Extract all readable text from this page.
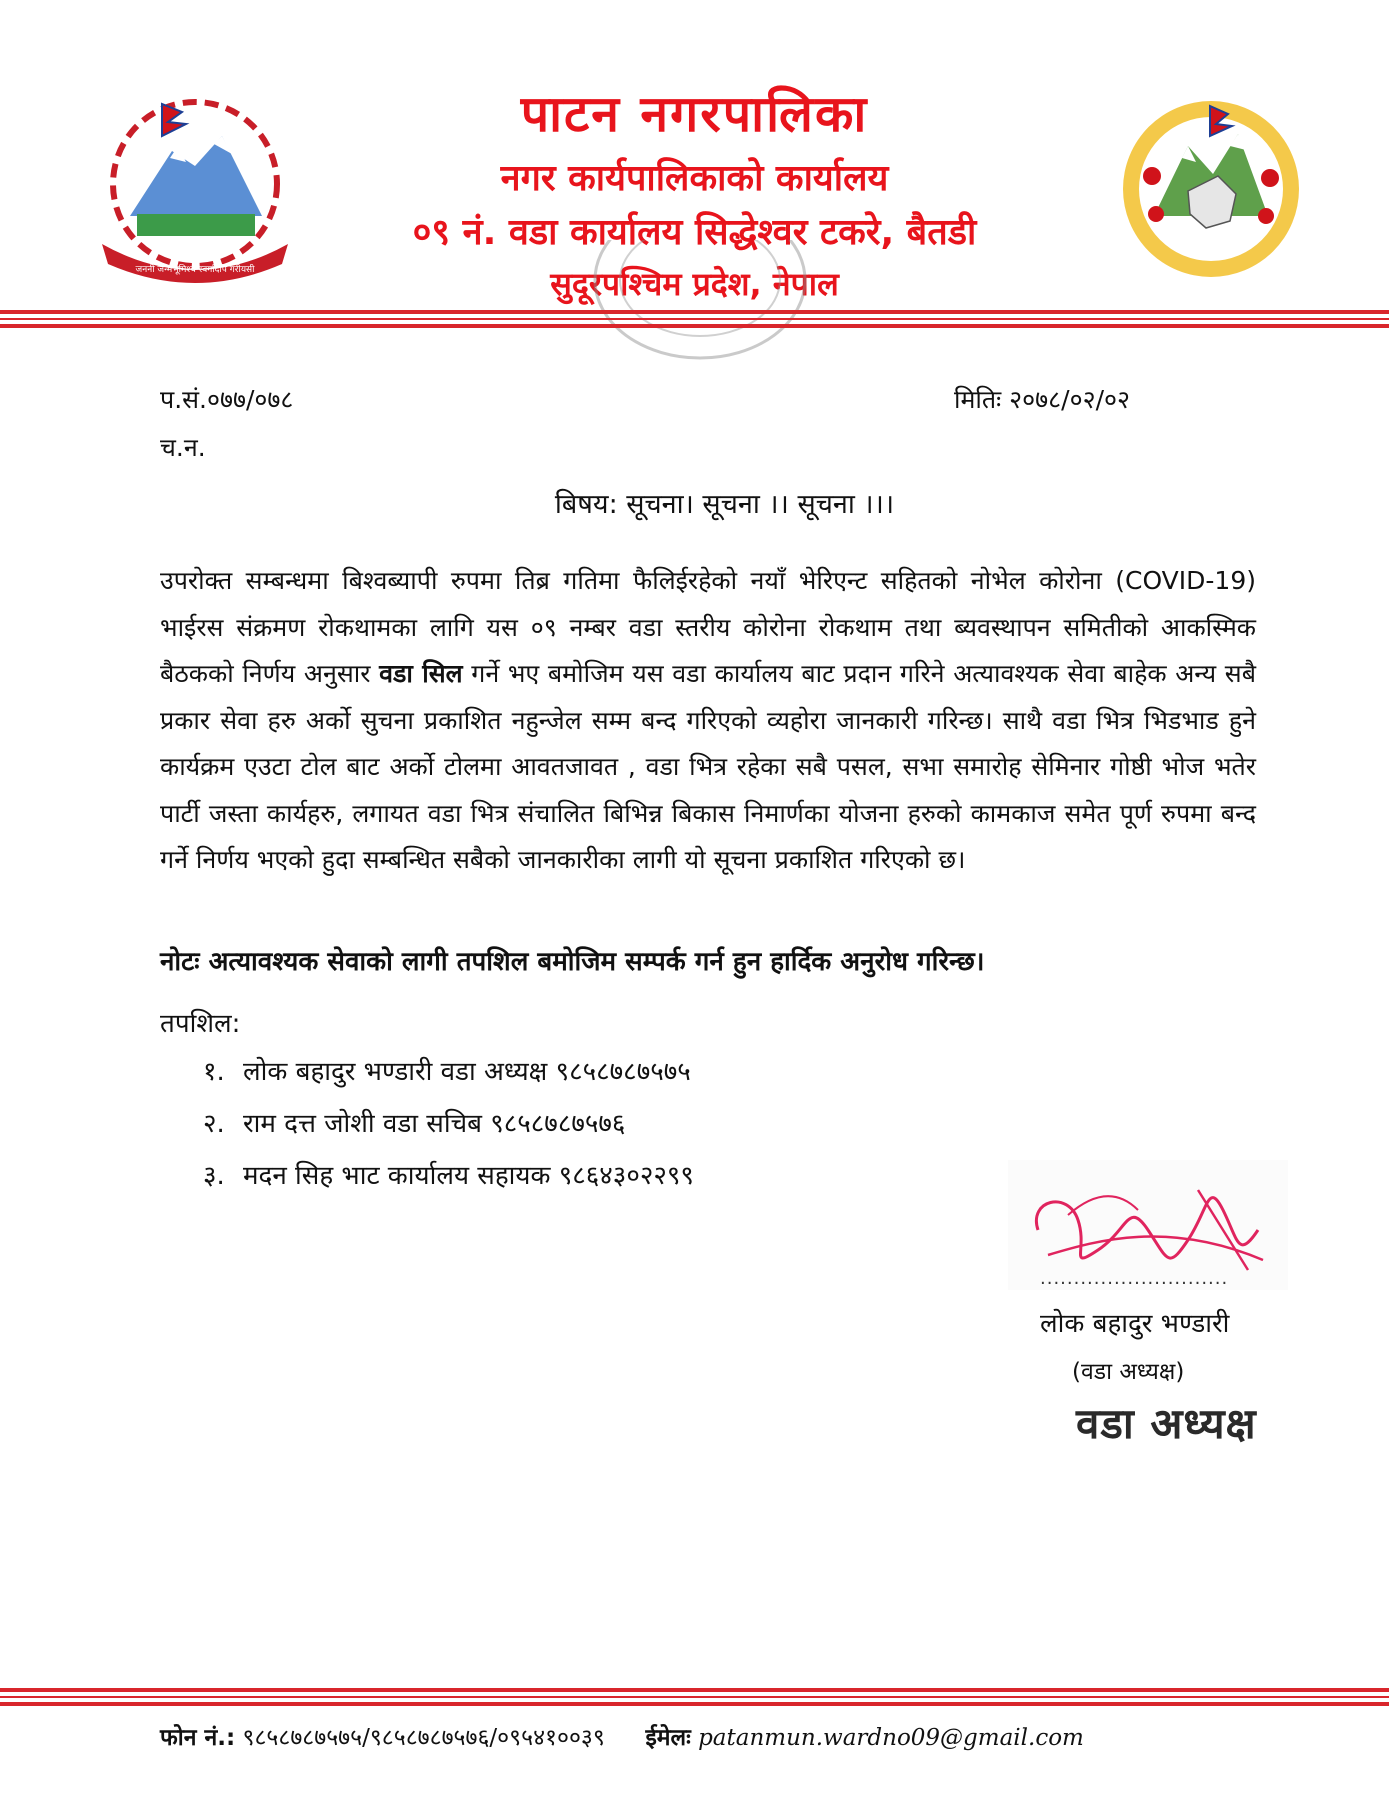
जननी जन्मभूमिश्च स्वर्गादपि गरीयसी
पाटन नगरपालिका
नगर कार्यपालिकाको कार्यालय
०९ नं. वडा कार्यालय सिद्धेश्वर टकरे, बैतडी
सुदूरपश्चिम प्रदेश, नेपाल
प.सं.०७७/०७८	मितिः २०७८/०२/०२
च.न.
बिषय: सूचना। सूचना ।। सूचना ।।।

उपरोक्त सम्बन्धमा बिश्वब्यापी रुपमा तिब्र गतिमा फैलिईरहेको नयाँ भेरिएन्ट सहितको नोभेल कोरोना (COVID-19) भाईरस संक्रमण रोकथामका लागि यस ०९ नम्बर वडा स्तरीय कोरोना रोकथाम तथा ब्यवस्थापन समितीको आकस्मिक बैठकको निर्णय अनुसार वडा सिल गर्ने भए बमोजिम यस वडा कार्यालय बाट प्रदान गरिने अत्यावश्यक सेवा बाहेक अन्य सबै प्रकार सेवा हरु अर्को सुचना प्रकाशित नहुन्जेल सम्म बन्द गरिएको व्यहोरा जानकारी गरिन्छ। साथै वडा भित्र भिडभाड हुने कार्यक्रम एउटा टोल बाट अर्को टोलमा आवतजावत , वडा भित्र रहेका सबै पसल, सभा समारोह सेमिनार गोष्ठी भोज भतेर पार्टी जस्ता कार्यहरु, लगायत वडा भित्र संचालित बिभिन्न बिकास निमार्णका योजना हरुको कामकाज समेत पूर्ण रुपमा बन्द गर्ने निर्णय भएको हुदा सम्बन्धित सबैको जानकारीका लागी यो सूचना प्रकाशित गरिएको छ।

नोटः अत्यावश्यक सेवाको लागी तपशिल बमोजिम सम्पर्क गर्न हुन हार्दिक अनुरोध गरिन्छ।
तपशिल:
१. लोक बहादुर भण्डारी वडा अध्यक्ष ९८५८७८७५७५
२. राम दत्त जोशी वडा सचिब ९८५८७८७५७६
३. मदन सिह भाट कार्यालय सहायक ९८६४३०२२९९
............................
लोक बहादुर भण्डारी
(वडा अध्यक्ष)
वडा अध्यक्ष
फोन नं.: ९८५८७८७५७५/९८५८७८७५७६/०९५४१००३९ ईमेलः patanmun.wardno09@gmail.com
